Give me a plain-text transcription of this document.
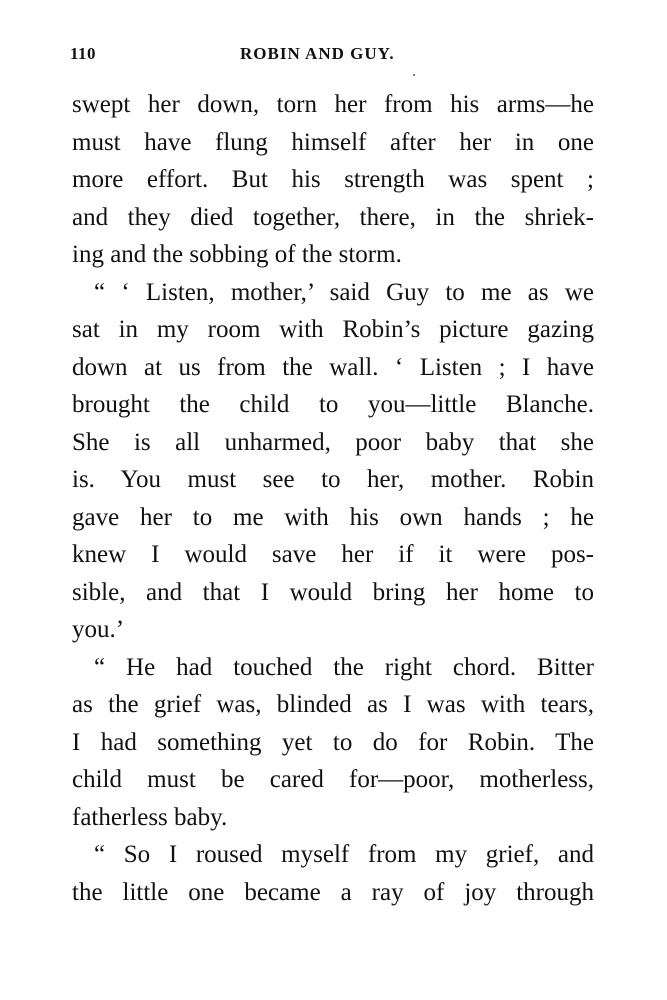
110	ROBIN AND GUY.
swept her down, torn her from his arms—he
must have flung himself after her in one
more effort. But his strength was spent ;
and they died together, there, in the shriek-
ing and the sobbing of the storm.
“ ‘ Listen, mother,’ said Guy to me as we
sat in my room with Robin’s picture gazing
down at us from the wall. ‘ Listen ; I have
brought the child to you—little Blanche.
She is all unharmed, poor baby that she
is. You must see to her, mother. Robin
gave her to me with his own hands ; he
knew I would save her if it were pos-
sible, and that I would bring her home to
you.’
“ He had touched the right chord. Bitter
as the grief was, blinded as I was with tears,
I had something yet to do for Robin. The
child must be cared for—poor, motherless,
fatherless baby.
“ So I roused myself from my grief, and
the little one became a ray of joy through
